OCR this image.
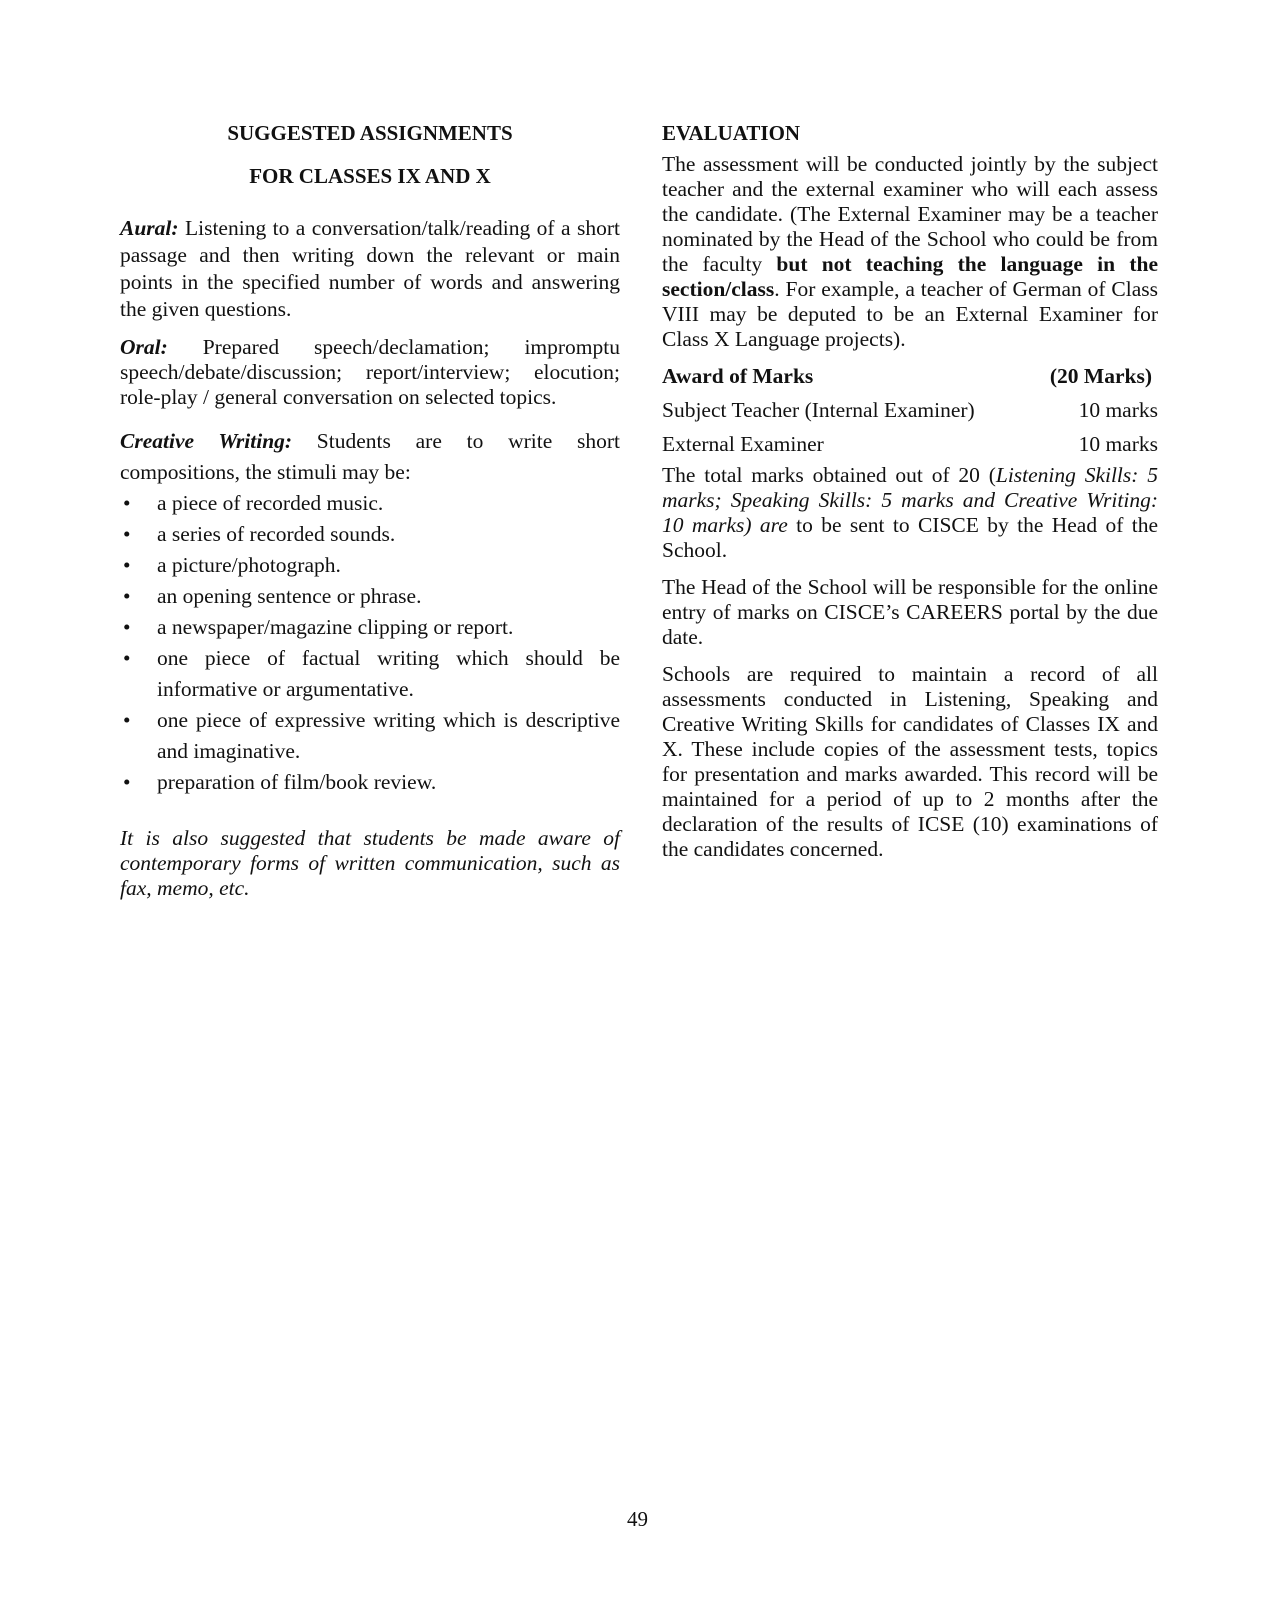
SUGGESTED ASSIGNMENTS
FOR CLASSES IX AND X

Aural: Listening to a conversation/talk/reading of a short passage and then writing down the relevant or main points in the specified number of words and answering the given questions.

Oral: Prepared speech/declamation; impromptu speech/debate/discussion; report/interview; elocution; role-play / general conversation on selected topics.

Creative Writing: Students are to write short compositions, the stimuli may be:

• a piece of recorded music.
• a series of recorded sounds.
• a picture/photograph.
• an opening sentence or phrase.
• a newspaper/magazine clipping or report.
• one piece of factual writing which should be informative or argumentative.
• one piece of expressive writing which is descriptive and imaginative.
• preparation of film/book review.

It is also suggested that students be made aware of contemporary forms of written communication, such as fax, memo, etc.

EVALUATION

The assessment will be conducted jointly by the subject teacher and the external examiner who will each assess the candidate. (The External Examiner may be a teacher nominated by the Head of the School who could be from the faculty but not teaching the language in the section/class. For example, a teacher of German of Class VIII may be deputed to be an External Examiner for Class X Language projects).

Award of Marks	(20 Marks)
Subject Teacher (Internal Examiner)	10 marks
External Examiner	10 marks

The total marks obtained out of 20 (Listening Skills: 5 marks; Speaking Skills: 5 marks and Creative Writing: 10 marks) are to be sent to CISCE by the Head of the School.

The Head of the School will be responsible for the online entry of marks on CISCE’s CAREERS portal by the due date.

Schools are required to maintain a record of all assessments conducted in Listening, Speaking and Creative Writing Skills for candidates of Classes IX and X. These include copies of the assessment tests, topics for presentation and marks awarded. This record will be maintained for a period of up to 2 months after the declaration of the results of ICSE (10) examinations of the candidates concerned.

49
